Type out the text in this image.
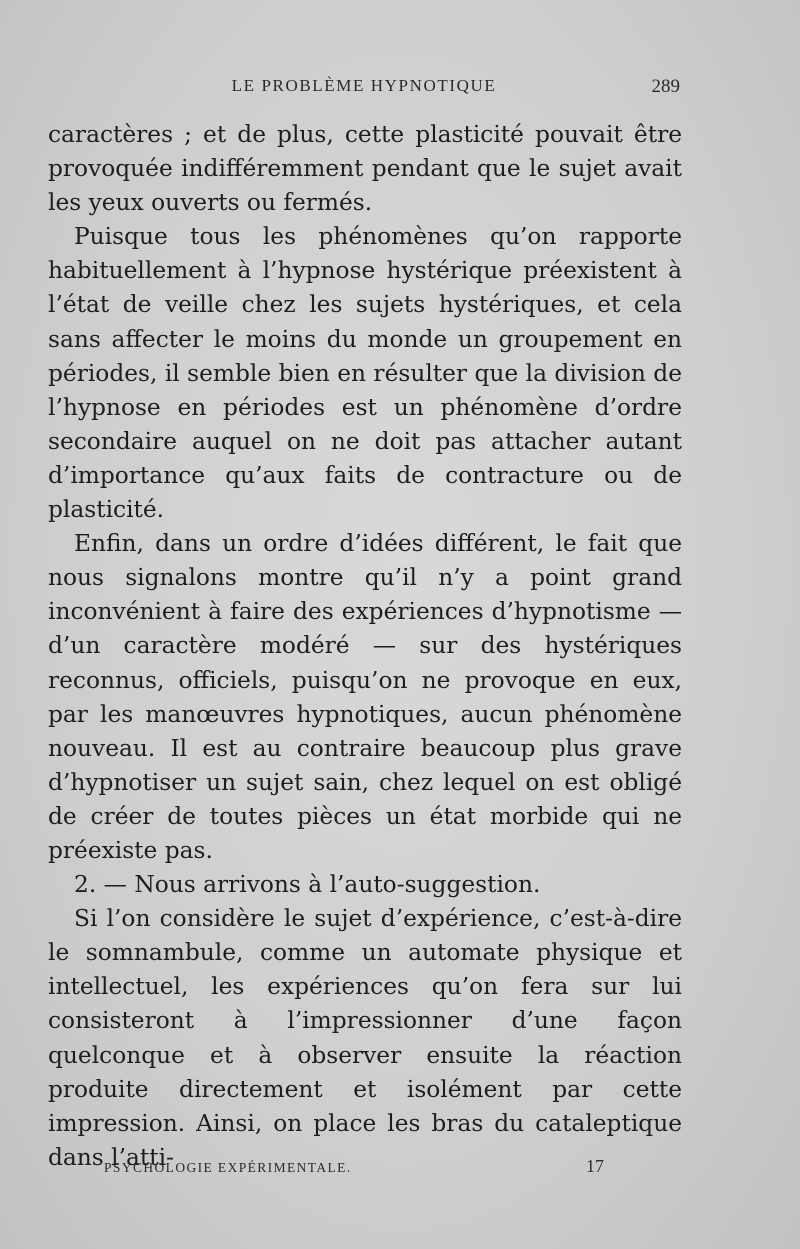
LE PROBLÈME HYPNOTIQUE	289

caractères ; et de plus, cette plasticité pouvait être provoquée indifféremment pendant que le sujet avait les yeux ouverts ou fermés.

Puisque tous les phénomènes qu’on rapporte habituellement à l’hypnose hystérique préexistent à l’état de veille chez les sujets hystériques, et cela sans affecter le moins du monde un groupement en périodes, il semble bien en résulter que la division de l’hypnose en périodes est un phénomène d’ordre secondaire auquel on ne doit pas attacher autant d’importance qu’aux faits de contracture ou de plasticité.

Enfin, dans un ordre d’idées différent, le fait que nous signalons montre qu’il n’y a point grand inconvénient à faire des expériences d’hypnotisme — d’un caractère modéré — sur des hystériques reconnus, officiels, puisqu’on ne provoque en eux, par les manœuvres hypnotiques, aucun phénomène nouveau. Il est au contraire beaucoup plus grave d’hypnotiser un sujet sain, chez lequel on est obligé de créer de toutes pièces un état morbide qui ne préexiste pas.

2. — Nous arrivons à l’auto-suggestion.

Si l’on considère le sujet d’expérience, c’est-à-dire le somnambule, comme un automate physique et intellectuel, les expériences qu’on fera sur lui consisteront à l’impressionner d’une façon quelconque et à observer ensuite la réaction produite directement et isolément par cette impression. Ainsi, on place les bras du cataleptique dans l’atti-

PSYCHOLOGIE EXPÉRIMENTALE.	17
